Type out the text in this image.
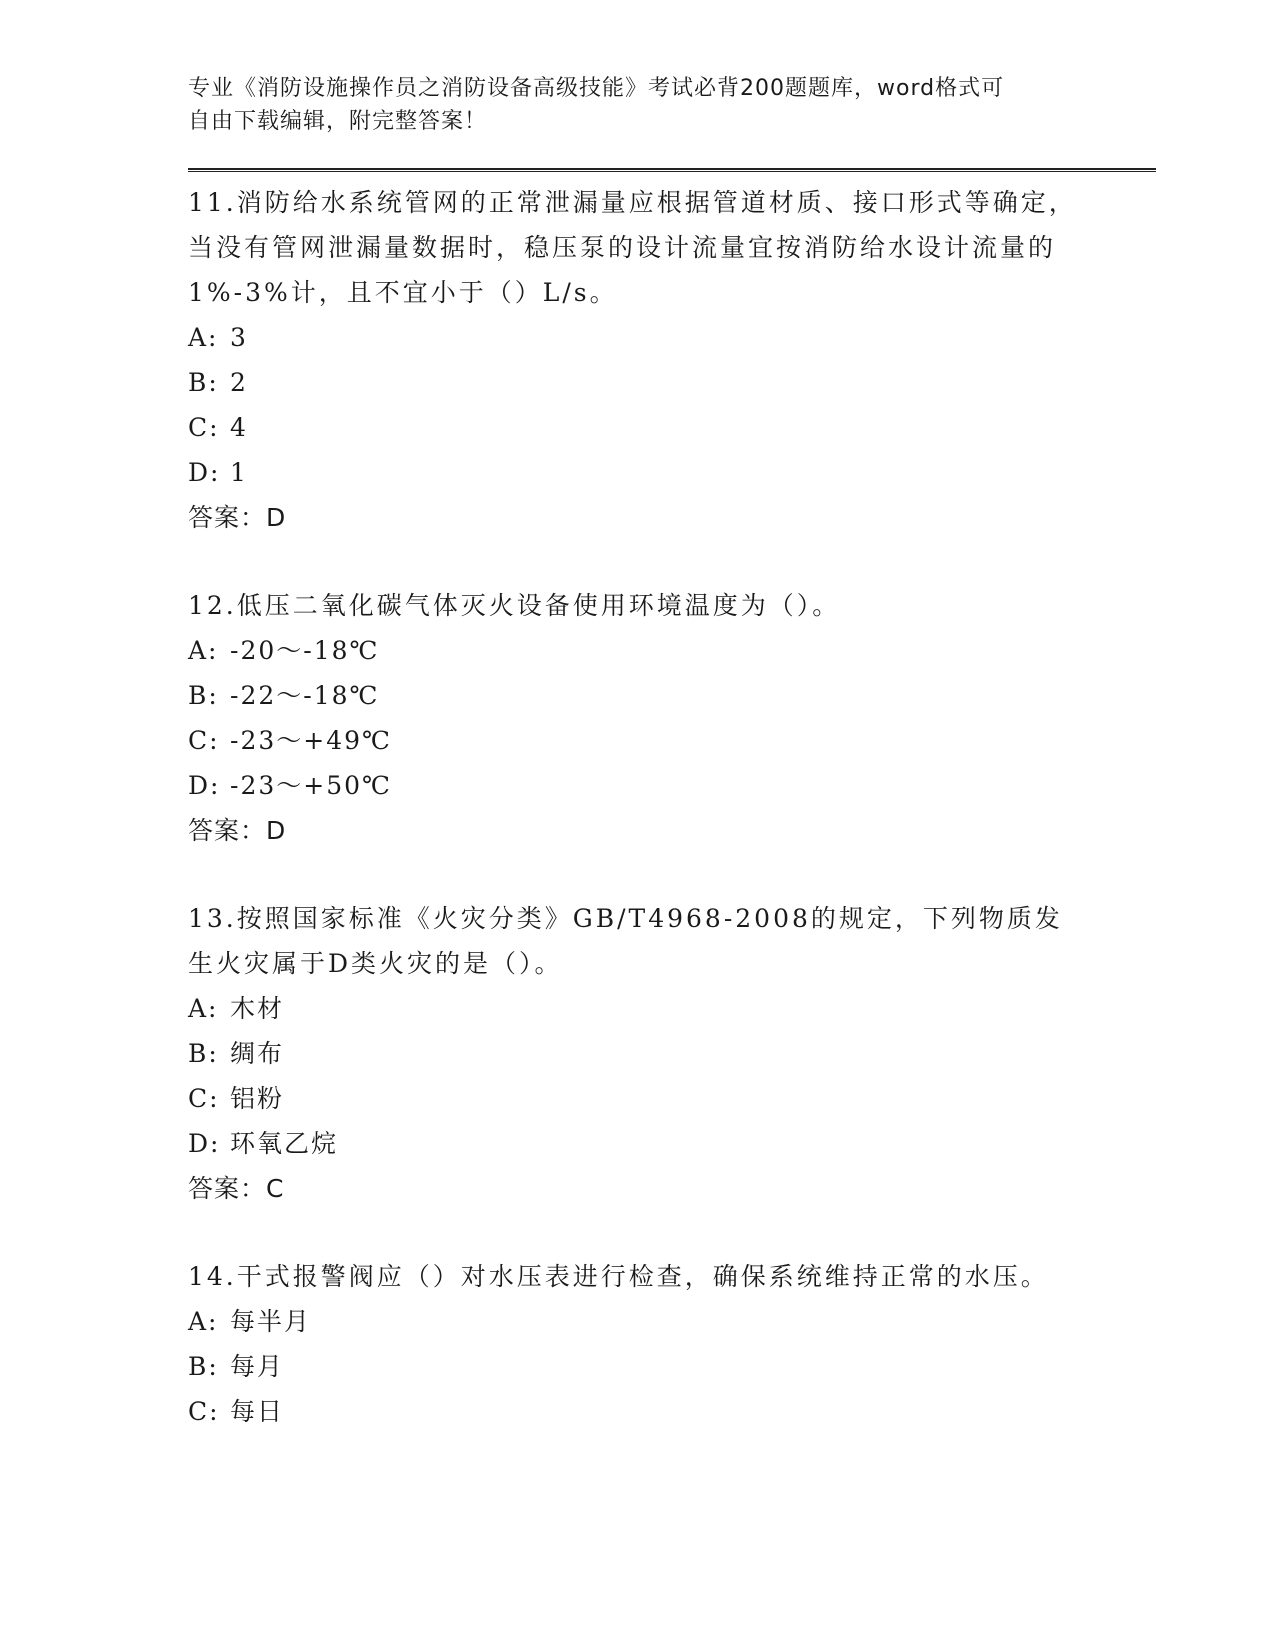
专业《消防设施操作员之消防设备高级技能》考试必背200题题库，word格式可
自由下载编辑，附完整答案！
11.消防给水系统管网的正常泄漏量应根据管道材质、接口形式等确定，当没有管网泄漏量数据时，稳压泵的设计流量宜按消防给水设计流量的1%-3%计，且不宜小于（）L/s。
A: 3
B: 2
C: 4
D: 1
答案：D
12.低压二氧化碳气体灭火设备使用环境温度为（）。
A: -20～-18℃
B: -22～-18℃
C: -23～+49℃
D: -23～+50℃
答案：D
13.按照国家标准《火灾分类》GB/T4968-2008的规定，下列物质发生火灾属于D类火灾的是（）。
A: 木材
B: 绸布
C: 铝粉
D: 环氧乙烷
答案：C
14.干式报警阀应（）对水压表进行检查，确保系统维持正常的水压。
A: 每半月
B: 每月
C: 每日
